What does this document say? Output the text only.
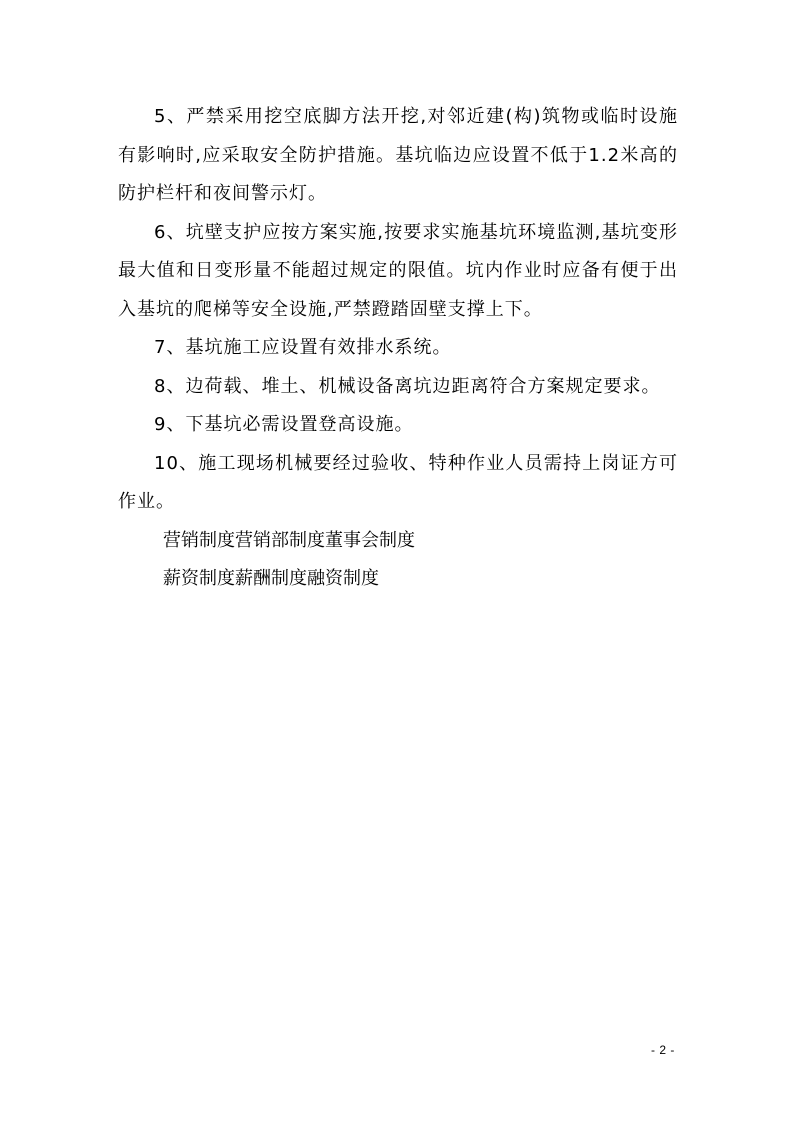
5、严禁采用挖空底脚方法开挖,对邻近建(构)筑物或临时设施有影响时,应采取安全防护措施。基坑临边应设置不低于1.2米高的防护栏杆和夜间警示灯。

6、坑壁支护应按方案实施,按要求实施基坑环境监测,基坑变形最大值和日变形量不能超过规定的限值。坑内作业时应备有便于出入基坑的爬梯等安全设施,严禁蹬踏固壁支撑上下。

7、基坑施工应设置有效排水系统。

8、边荷载、堆土、机械设备离坑边距离符合方案规定要求。

9、下基坑必需设置登高设施。

10、施工现场机械要经过验收、特种作业人员需持上岗证方可作业。

营销制度营销部制度董事会制度

薪资制度薪酬制度融资制度

- 2 -
